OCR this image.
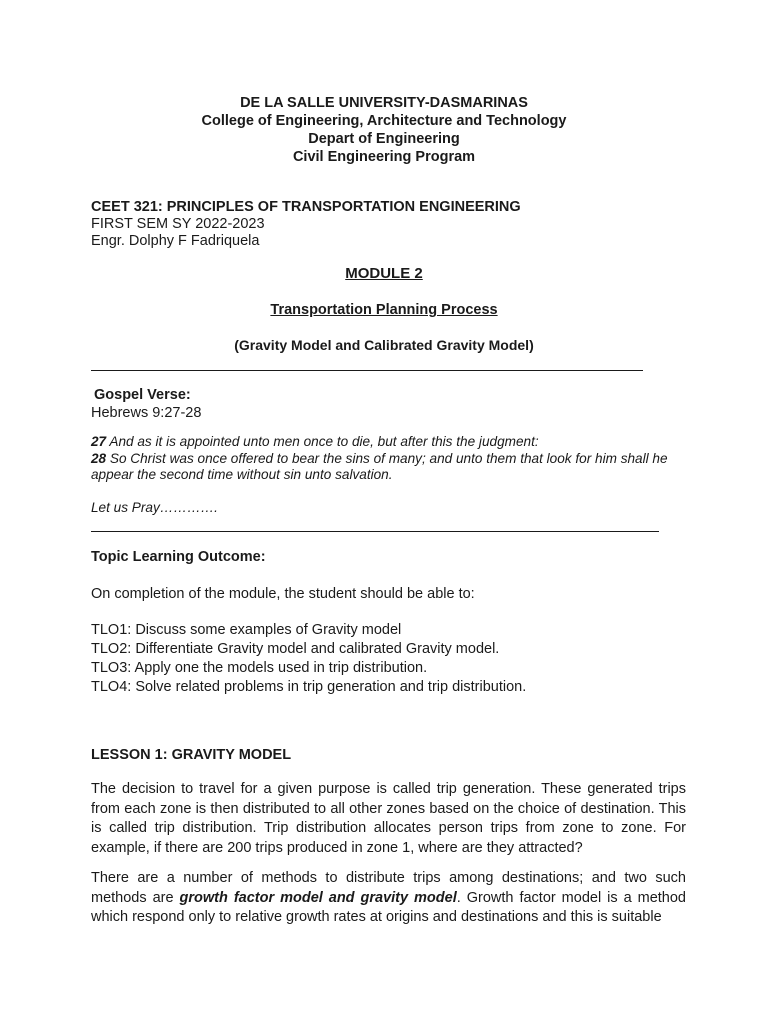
DE LA SALLE UNIVERSITY-DASMARINAS
College of Engineering, Architecture and Technology
Depart of Engineering
Civil Engineering Program
CEET 321: PRINCIPLES OF TRANSPORTATION ENGINEERING
FIRST SEM SY 2022-2023
Engr. Dolphy F Fadriquela
MODULE 2
Transportation Planning Process
(Gravity Model and Calibrated Gravity Model)
Gospel Verse:
Hebrews 9:27-28
27 And as it is appointed unto men once to die, but after this the judgment:
28 So Christ was once offered to bear the sins of many; and unto them that look for him shall he appear the second time without sin unto salvation.
Let us Pray………….
Topic Learning Outcome:
On completion of the module, the student should be able to:
TLO1: Discuss some examples of Gravity model
TLO2: Differentiate Gravity model and calibrated Gravity model.
TLO3: Apply one the models used in trip distribution.
TLO4: Solve related problems in trip generation and trip distribution.
LESSON 1: GRAVITY MODEL

The decision to travel for a given purpose is called trip generation. These generated trips from each zone is then distributed to all other zones based on the choice of destination. This is called trip distribution. Trip distribution allocates person trips from zone to zone. For example, if there are 200 trips produced in zone 1, where are they attracted?

There are a number of methods to distribute trips among destinations; and two such methods are growth factor model and gravity model. Growth factor model is a method which respond only to relative growth rates at origins and destinations and this is suitable
